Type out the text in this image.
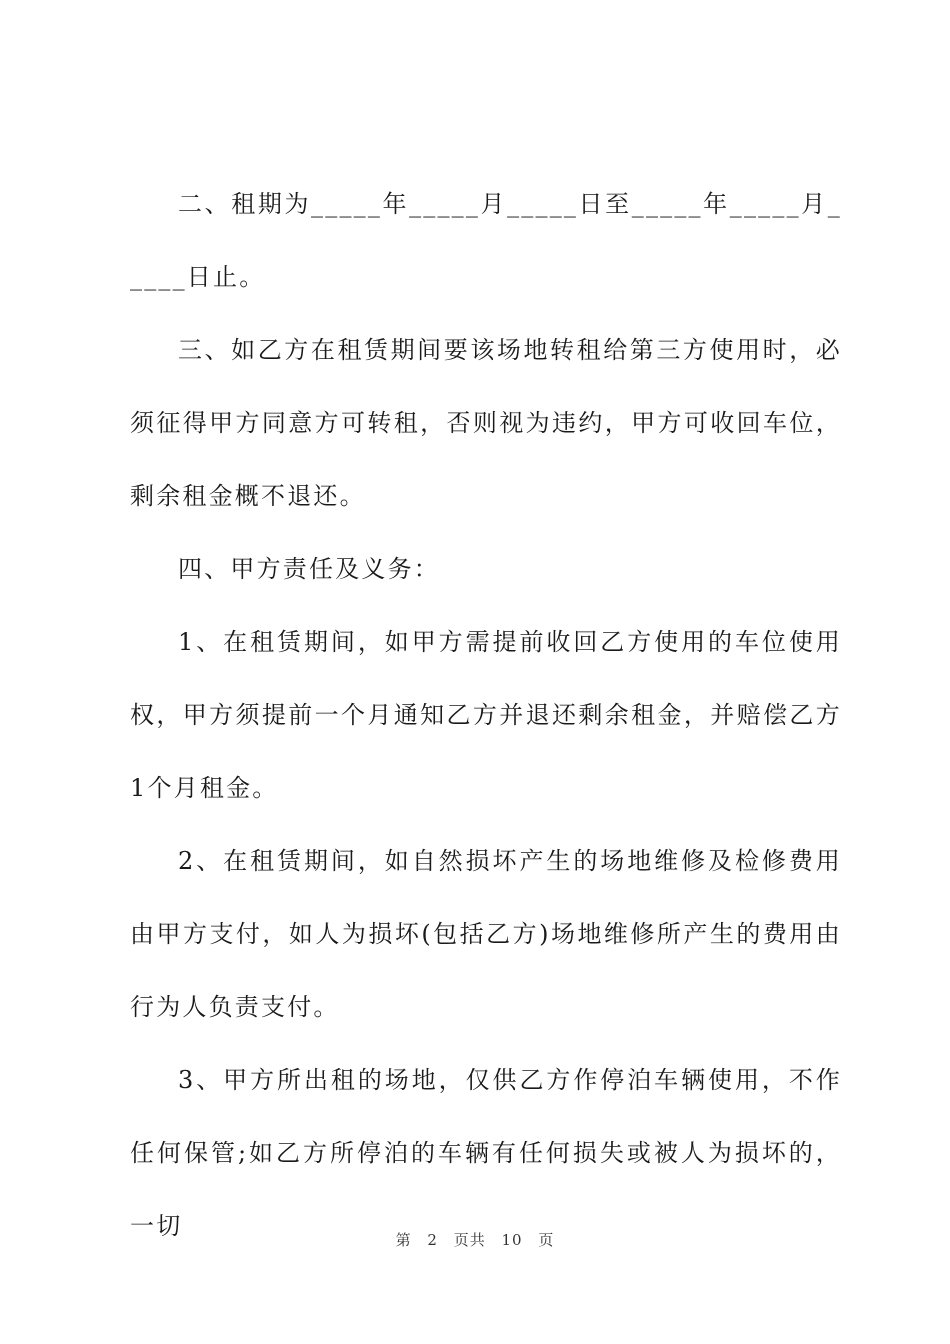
二、租期为_____年_____月_____日至_____年_____月_____日止。

三、如乙方在租赁期间要该场地转租给第三方使用时，必须征得甲方同意方可转租，否则视为违约，甲方可收回车位，剩余租金概不退还。

四、甲方责任及义务：

1、在租赁期间，如甲方需提前收回乙方使用的车位使用权，甲方须提前一个月通知乙方并退还剩余租金，并赔偿乙方1个月租金。

2、在租赁期间，如自然损坏产生的场地维修及检修费用由甲方支付，如人为损坏(包括乙方)场地维修所产生的费用由行为人负责支付。

3、甲方所出租的场地，仅供乙方作停泊车辆使用，不作任何保管;如乙方所停泊的车辆有任何损失或被人为损坏的，一切	第 2 页共 10 页
